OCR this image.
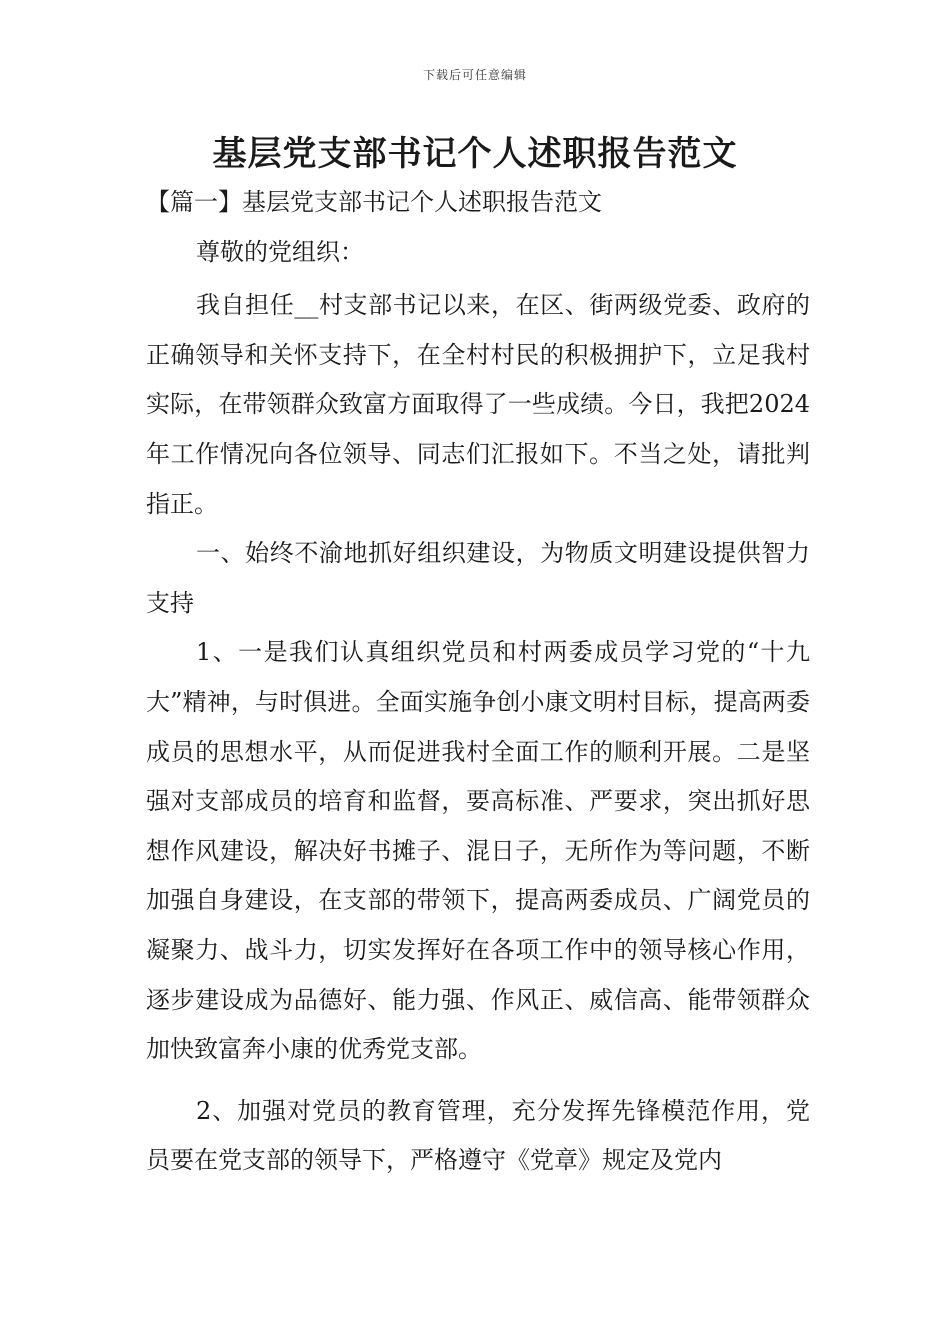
下载后可任意编辑
基层党支部书记个人述职报告范文

【篇一】基层党支部书记个人述职报告范文

尊敬的党组织：

我自担任__村支部书记以来，在区、街两级党委、政府的正确领导和关怀支持下，在全村村民的积极拥护下，立足我村实际，在带领群众致富方面取得了一些成绩。今日，我把2024年工作情况向各位领导、同志们汇报如下。不当之处，请批判指正。

一、始终不渝地抓好组织建设，为物质文明建设提供智力支持

1、一是我们认真组织党员和村两委成员学习党的“十九大”精神，与时俱进。全面实施争创小康文明村目标，提高两委成员的思想水平，从而促进我村全面工作的顺利开展。二是坚强对支部成员的培育和监督，要高标准、严要求，突出抓好思想作风建设，解决好书摊子、混日子，无所作为等问题，不断加强自身建设，在支部的带领下，提高两委成员、广阔党员的凝聚力、战斗力，切实发挥好在各项工作中的领导核心作用，逐步建设成为品德好、能力强、作风正、威信高、能带领群众加快致富奔小康的优秀党支部。

2、加强对党员的教育管理，充分发挥先锋模范作用，党员要在党支部的领导下，严格遵守《党章》规定及党内
